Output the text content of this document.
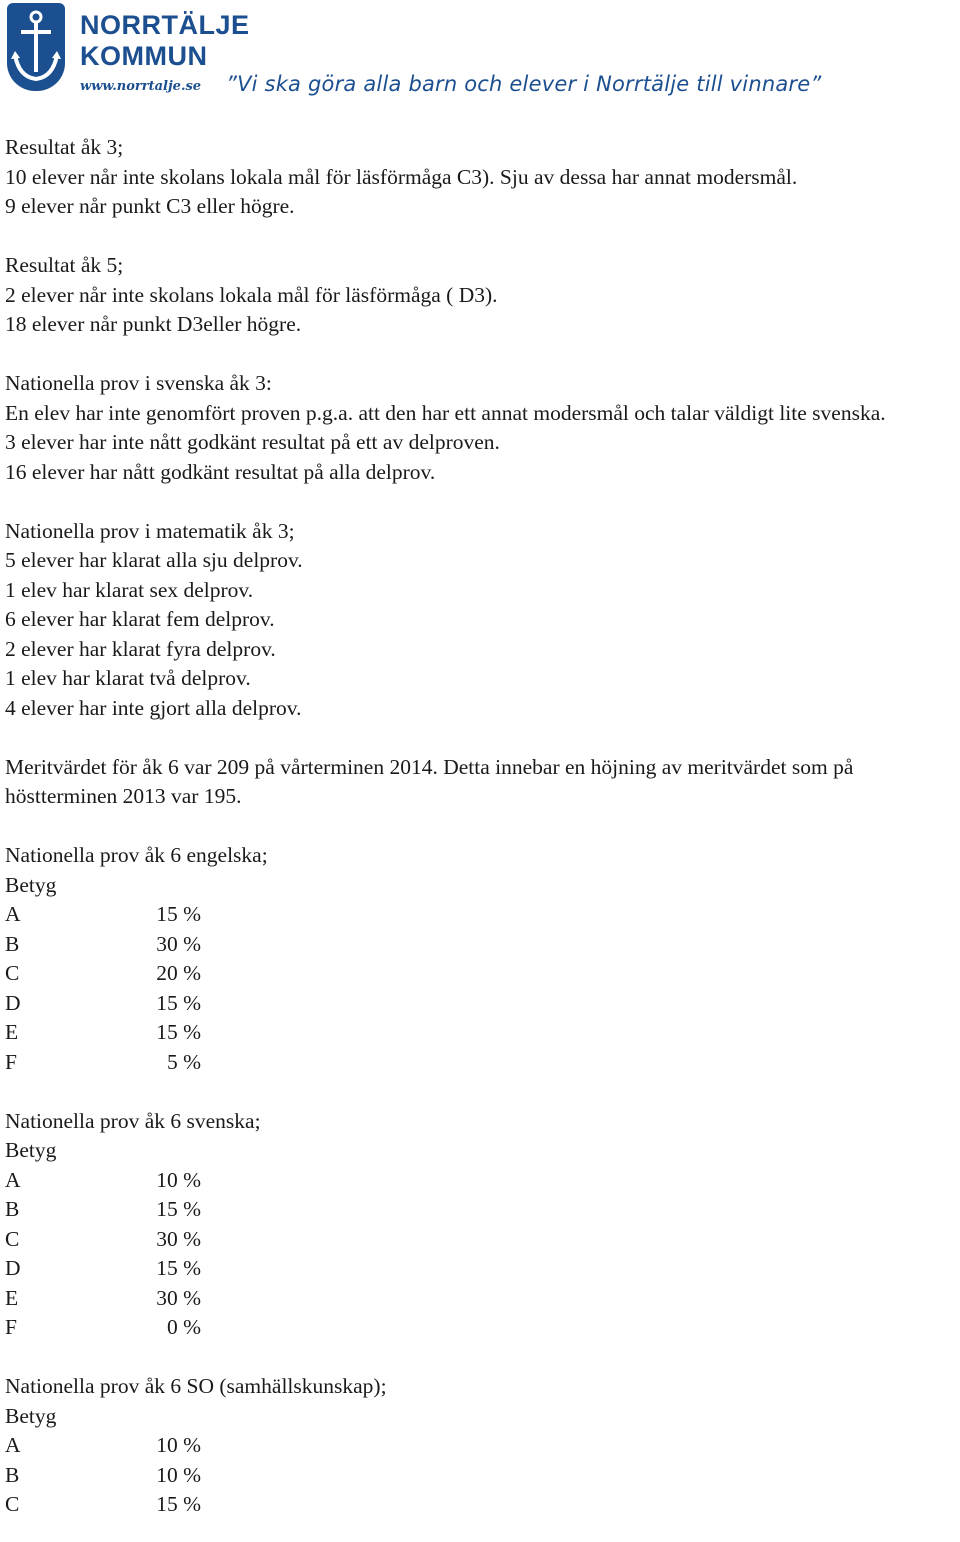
NORRTÄLJE
KOMMUN
www.norrtalje.se ”Vi ska göra alla barn och elever i Norrtälje till vinnare”
Resultat åk 3;
10 elever når inte skolans lokala mål för läsförmåga C3). Sju av dessa har annat modersmål.
9 elever når punkt C3 eller högre.
Resultat åk 5;
2 elever når inte skolans lokala mål för läsförmåga ( D3).
18 elever når punkt D3eller högre.
Nationella prov i svenska åk 3:
En elev har inte genomfört proven p.g.a. att den har ett annat modersmål och talar väldigt lite svenska.
3 elever har inte nått godkänt resultat på ett av delproven.
16 elever har nått godkänt resultat på alla delprov.
Nationella prov i matematik åk 3;
5 elever har klarat alla sju delprov.
1 elev har klarat sex delprov.
6 elever har klarat fem delprov.
2 elever har klarat fyra delprov.
1 elev har klarat två delprov.
4 elever har inte gjort alla delprov.
Meritvärdet för åk 6 var 209 på vårterminen 2014. Detta innebar en höjning av meritvärdet som på höstterminen 2013 var 195.
Nationella prov åk 6 engelska;
Betyg
A	15 %
B	30 %
C	20 %
D	15 %
E	15 %
F	5 %
Nationella prov åk 6 svenska;
Betyg
A	10 %
B	15 %
C	30 %
D	15 %
E	30 %
F	0 %
Nationella prov åk 6 SO (samhällskunskap);
Betyg
A	10 %
B	10 %
C	15 %
